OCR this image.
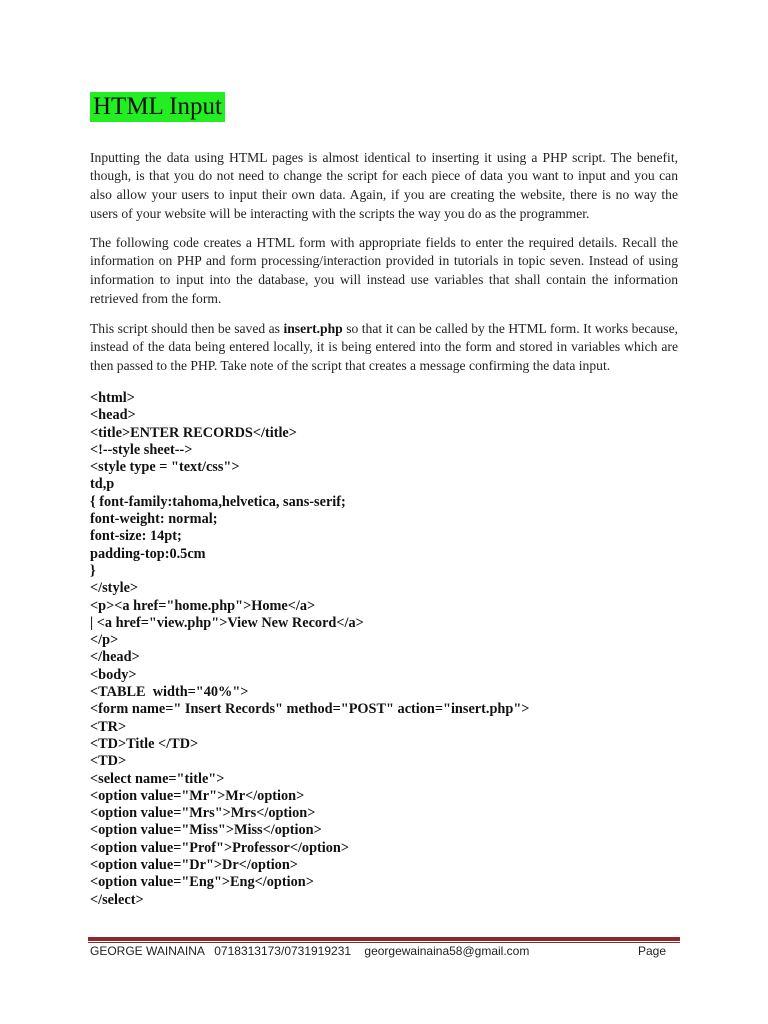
HTML Input

Inputting the data using HTML pages is almost identical to inserting it using a PHP script. The benefit, though, is that you do not need to change the script for each piece of data you want to input and you can also allow your users to input their own data. Again, if you are creating the website, there is no way the users of your website will be interacting with the scripts the way you do as the programmer.

The following code creates a HTML form with appropriate fields to enter the required details. Recall the information on PHP and form processing/interaction provided in tutorials in topic seven. Instead of using information to input into the database, you will instead use variables that shall contain the information retrieved from the form.

This script should then be saved as insert.php so that it can be called by the HTML form. It works because, instead of the data being entered locally, it is being entered into the form and stored in variables which are then passed to the PHP. Take note of the script that creates a message confirming the data input.

<html>
<head>
<title>ENTER RECORDS</title>
<!--style sheet-->
<style type = "text/css">
td,p
{ font-family:tahoma,helvetica, sans-serif;
font-weight: normal;
font-size: 14pt;
padding-top:0.5cm
}
</style>
<p><a href="home.php">Home</a>
| <a href="view.php">View New Record</a>
</p>
</head>
<body>
<TABLE  width="40%">
<form name=" Insert Records" method="POST" action="insert.php">
<TR>
<TD>Title </TD>
<TD>
<select name="title">
<option value="Mr">Mr</option>
<option value="Mrs">Mrs</option>
<option value="Miss">Miss</option>
<option value="Prof">Professor</option>
<option value="Dr">Dr</option>
<option value="Eng">Eng</option>
</select>
GEORGE WAINAINA   0718313173/0731919231    georgewainaina58@gmail.com	Page
